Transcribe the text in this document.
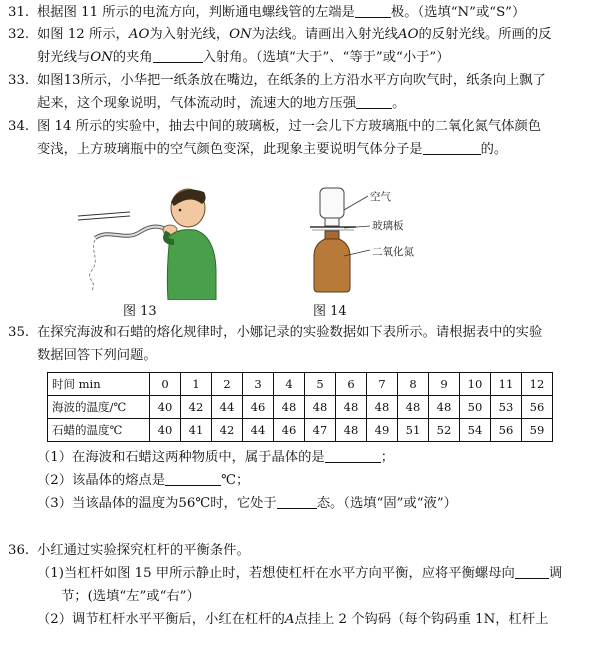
31. 根据图 11 所示的电流方向，判断通电螺线管的左端是	极。（选填“N”或“S”）
32. 如图 12 所示，AO为入射光线，ON为法线。请画出入射光线AO的反射光线。所画的反
射光线与ON的夹角	入射角。（选填“大于”、“等于”或“小于”）
33. 如图13所示，小华把一纸条放在嘴边，在纸条的上方沿水平方向吹气时，纸条向上飘了
起来，这个现象说明，气体流动时，流速大的地方压强	。
34. 图 14 所示的实验中，抽去中间的玻璃板，过一会儿下方玻璃瓶中的二氧化氮气体颜色
变浅，上方玻璃瓶中的空气颜色变深，此现象主要说明气体分子是	的。
图 13
空气
玻璃板
二氧化氮
图 14
35. 在探究海波和石蜡的熔化规律时，小娜记录的实验数据如下表所示。请根据表中的实验
数据回答下列问题。
时间 min	0	1	2	3	4	5	6	7	8	9	10	11	12
海波的温度/℃	40	42	44	46	48	48	48	48	48	48	50	53	56
石蜡的温度℃	40	41	42	44	46	47	48	49	51	52	54	56	59
（1）在海波和石蜡这两种物质中，属于晶体的是	；
（2）该晶体的熔点是	℃；
（3）当该晶体的温度为56℃时，它处于	态。（选填“固”或“液”）
36. 小红通过实验探究杠杆的平衡条件。
（1)当杠杆如图 15 甲所示静止时，若想使杠杆在水平方向平衡，应将平衡螺母向	调
节；(选填“左”或“右”）
（2）调节杠杆水平平衡后，小红在杠杆的A点挂上 2 个钩码（每个钩码重 1N，杠杆上
